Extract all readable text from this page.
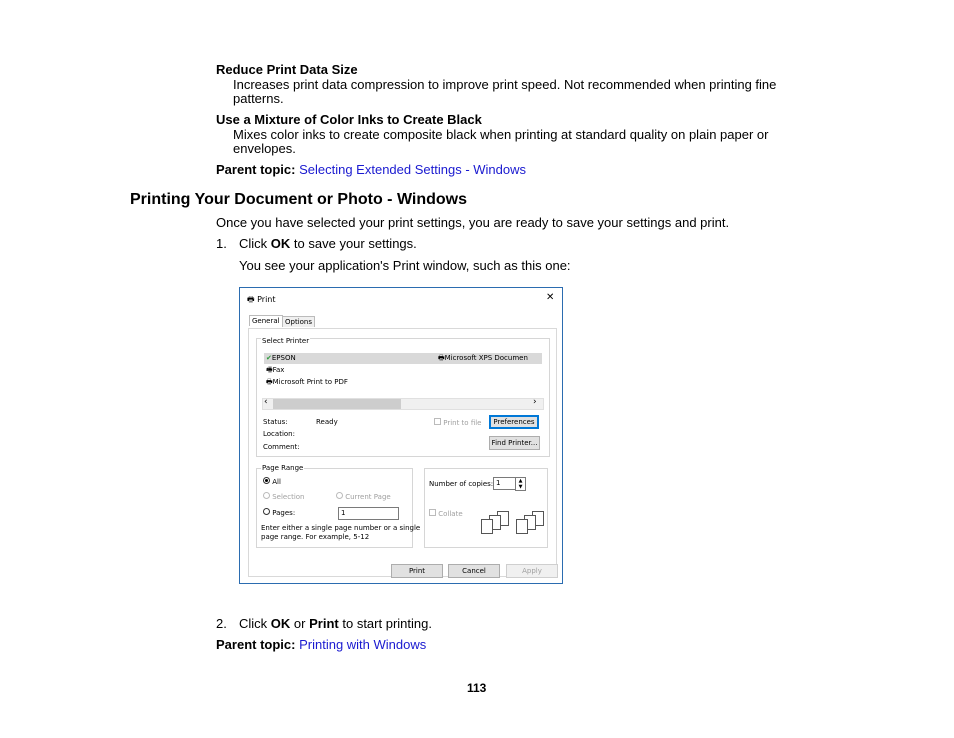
Reduce Print Data Size
Increases print data compression to improve print speed. Not recommended when printing fine
patterns.
Use a Mixture of Color Inks to Create Black
Mixes color inks to create composite black when printing at standard quality on plain paper or
envelopes.
Parent topic: Selecting Extended Settings - Windows
Printing Your Document or Photo - Windows
Once you have selected your print settings, you are ready to save your settings and print.
1. Click OK to save your settings.
You see your application's Print window, such as this one:
🖶 Print	✕
General Options
Select Printer
✔EPSON
🖷Fax
🖶Microsoft Print to PDF
🖶Microsoft XPS Documen
‹	›
Status:	Ready
Location:
Comment:
Print to file	Preferences
Find Printer...
Page Range
All
Selection	Current Page
Pages:	1
Enter either a single page number or a single
page range. For example, 5-12
Number of copies: 1	▲
▼
Collate
Print	Cancel	Apply
2. Click OK or Print to start printing.
Parent topic: Printing with Windows
113
